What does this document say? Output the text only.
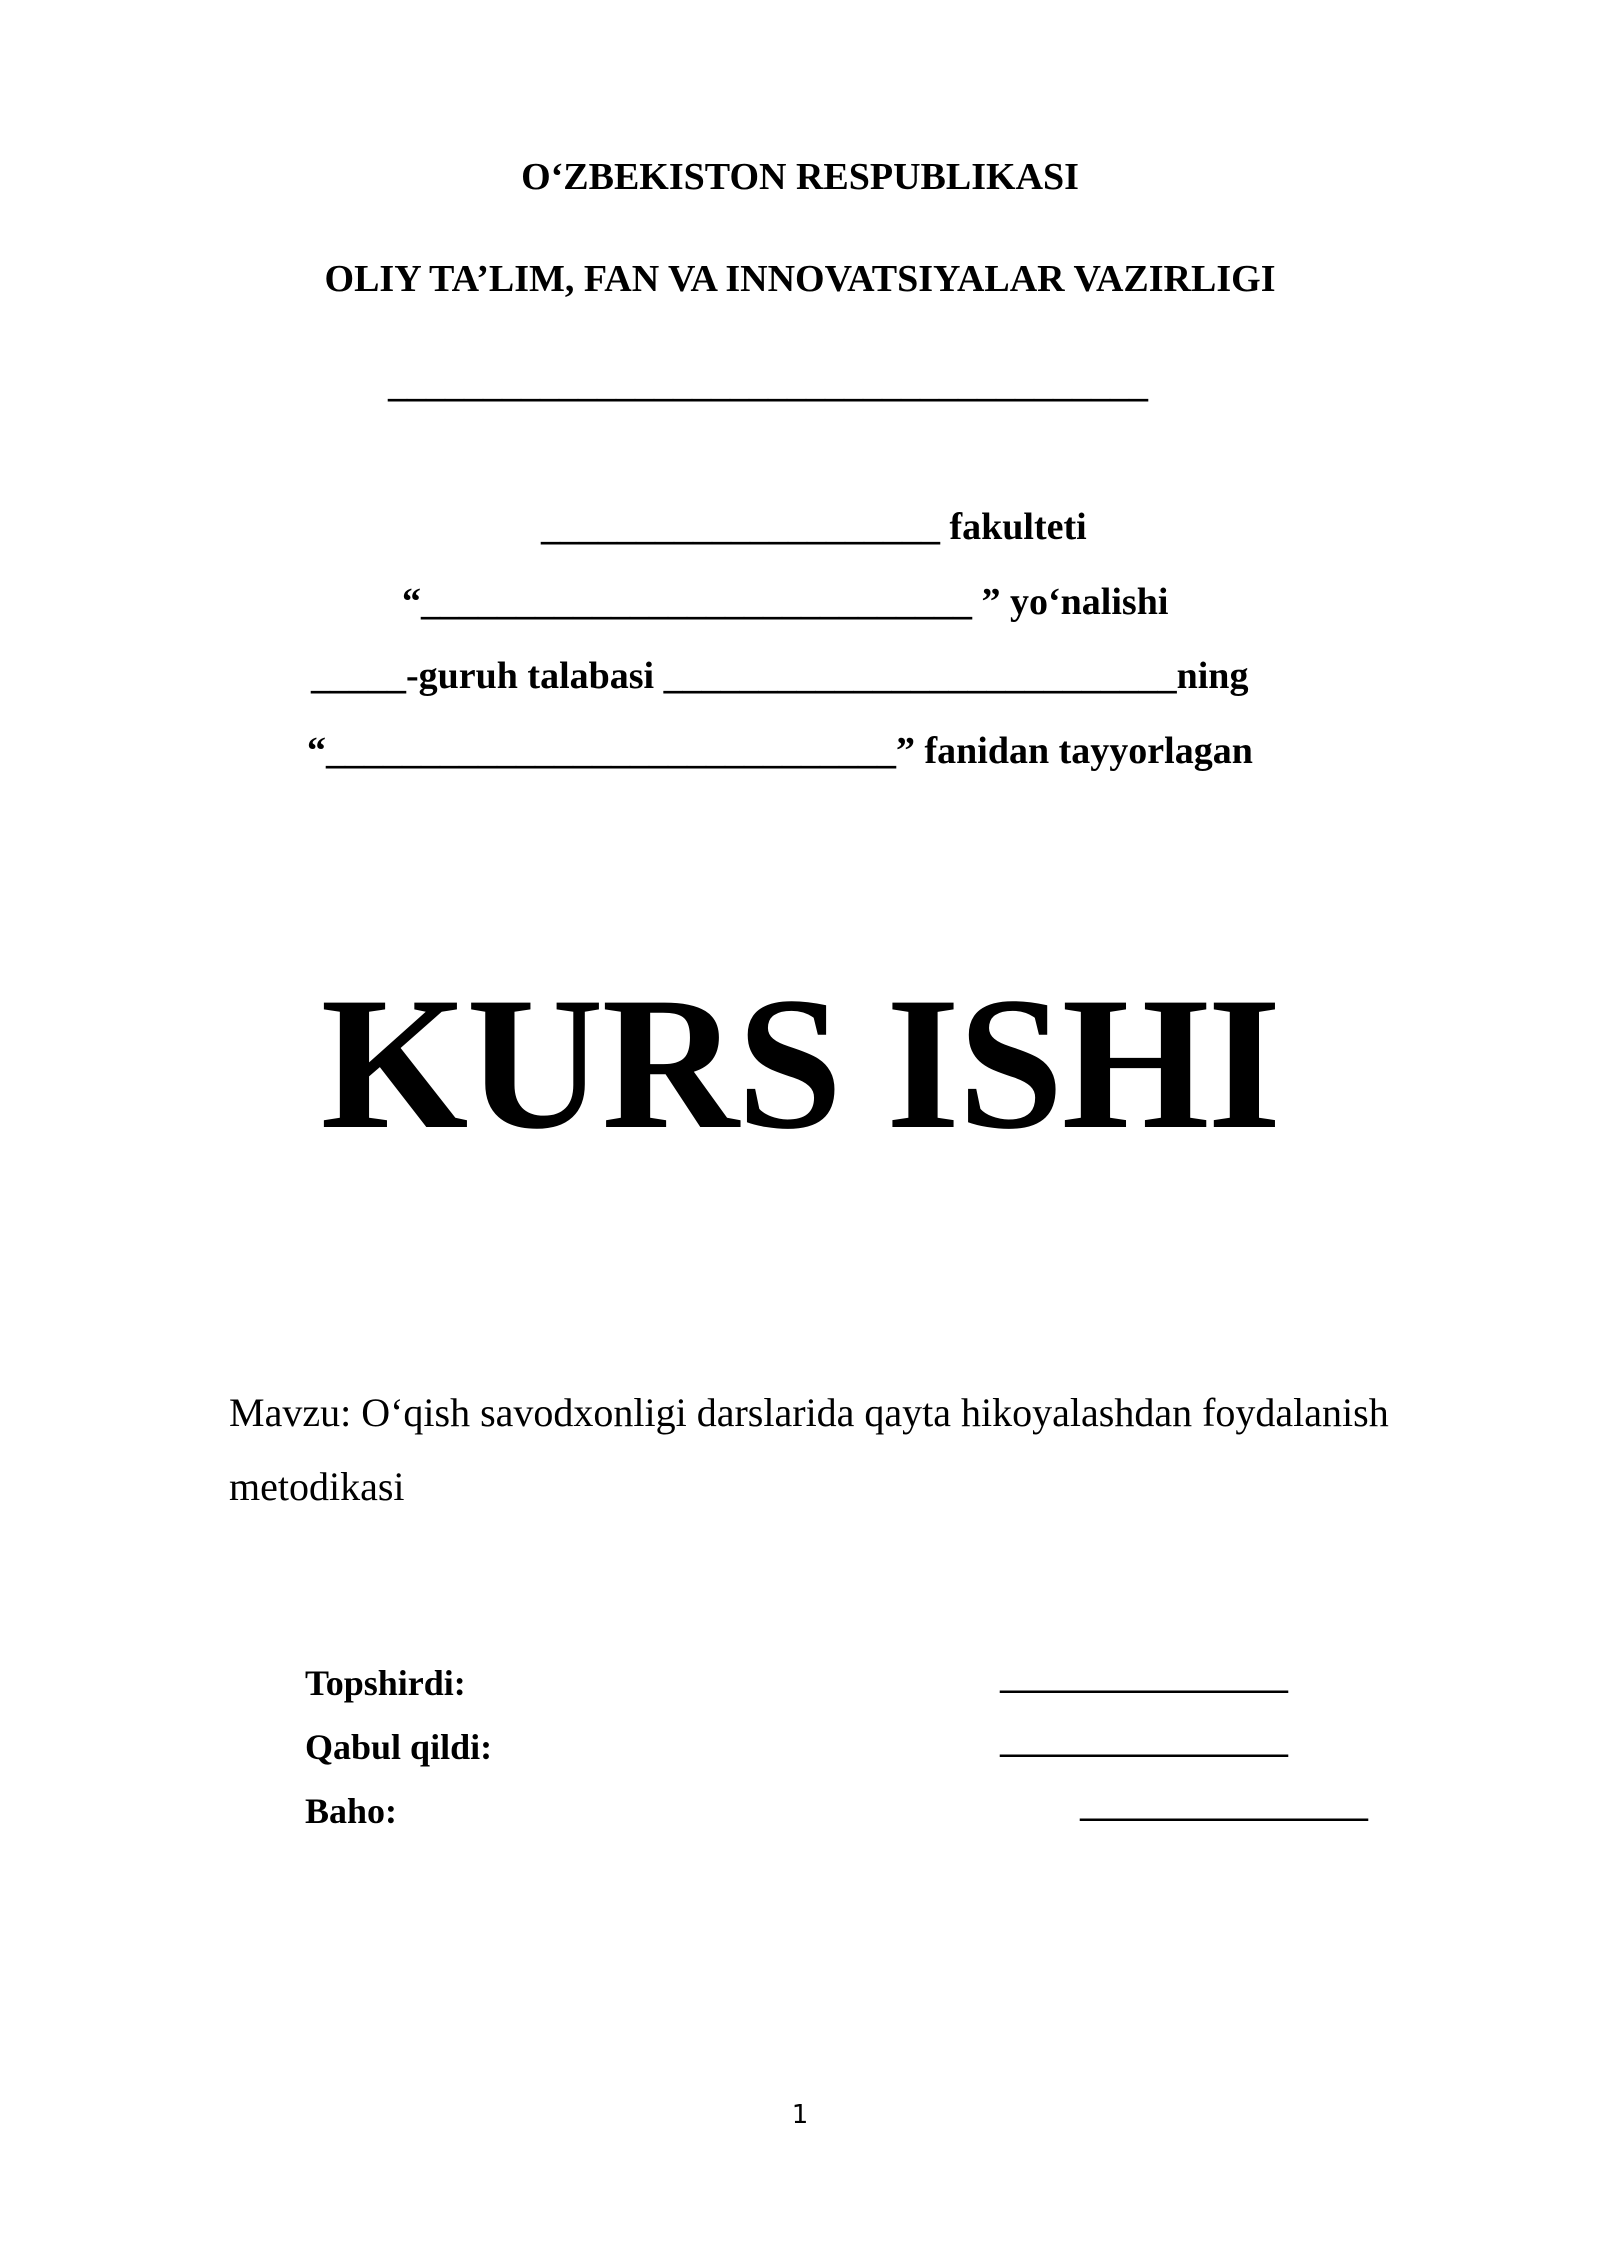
O‘ZBEKISTON RESPUBLIKASI
OLIY TA’LIM, FAN VA INNOVATSIYALAR VAZIRLIGI
________________________________________
_____________________ fakulteti
“_____________________________ ” yo‘nalishi
_____-guruh talabasi ___________________________ning
“______________________________” fanidan tayyorlagan
KURS ISHI
Mavzu: O‘qish savodxonligi darslarida qayta hikoyalashdan foydalanish metodikasi
Topshirdi:	________________
Qabul qildi:	________________
Baho:	________________
1
